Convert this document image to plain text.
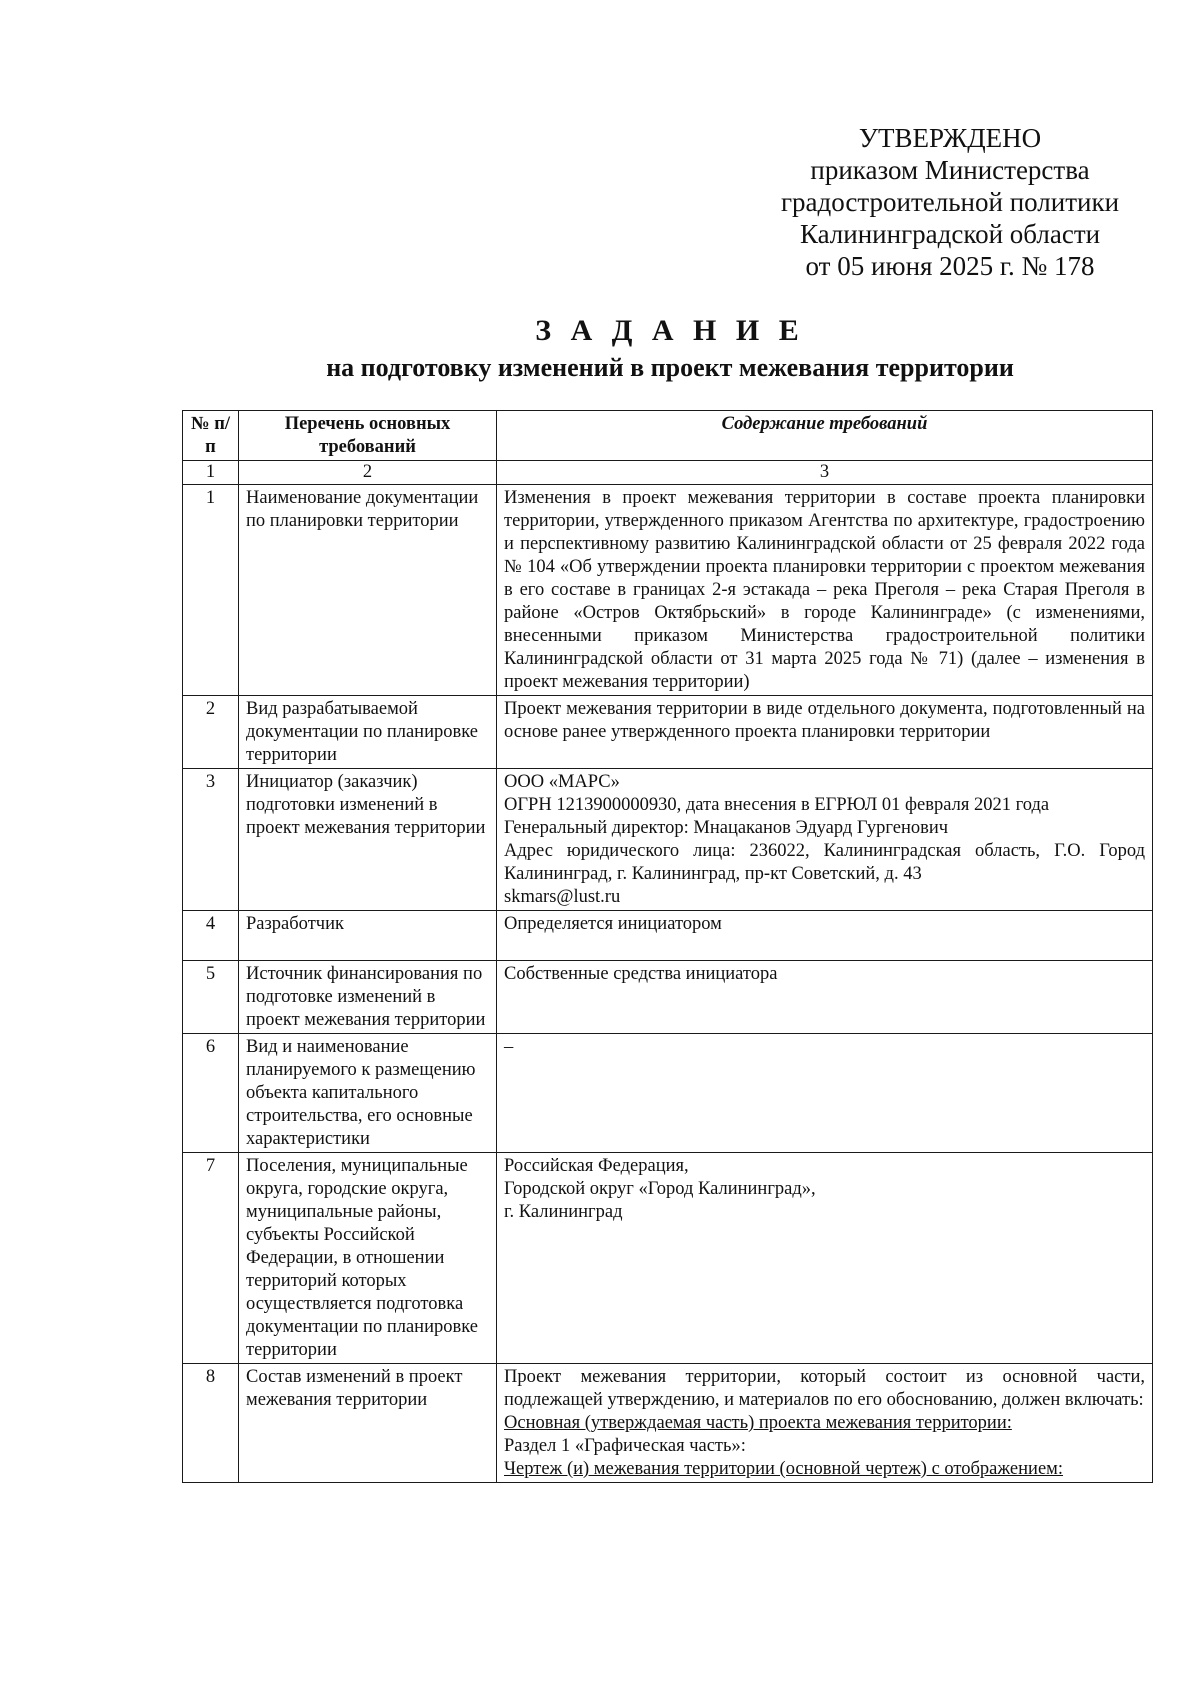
УТВЕРЖДЕНО
приказом Министерства
градостроительной политики
Калининградской области
от 05 июня 2025 г. № 178
З А Д А Н И Е
на подготовку изменений в проект межевания территории
№ п/п	Перечень основных требований	Содержание требований
1	2	3
1	Наименование документации по планировки территории	Изменения в проект межевания территории в составе проекта планировки территории, утвержденного приказом Агентства по архитектуре, градостроению и перспективному развитию Калининградской области от 25 февраля 2022 года № 104 «Об утверждении проекта планировки территории с проектом межевания в его составе в границах 2-я эстакада – река Преголя – река Старая Преголя в районе «Остров Октябрьский» в городе Калининграде» (с изменениями, внесенными приказом Министерства градостроительной политики Калининградской области от 31 марта 2025 года № 71) (далее – изменения в проект межевания территории)
2	Вид разрабатываемой документации по планировке территории	Проект межевания территории в виде отдельного документа, подготовленный на основе ранее утвержденного проекта планировки территории
3	Инициатор (заказчик) подготовки изменений в проект межевания территории	ООО «МАРС»
ОГРН 1213900000930, дата внесения в ЕГРЮЛ 01 февраля 2021 года
Генеральный директор: Мнацаканов Эдуард Гургенович
Адрес юридического лица: 236022, Калининградская область, Г.О. Город Калининград, г. Калининград, пр-кт Советский, д. 43
skmars@lust.ru

4	Разработчик	Определяется инициатором
5	Источник финансирования по подготовке изменений в проект межевания территории	Собственные средства инициатора
6	Вид и наименование планируемого к размещению объекта капитального строительства, его основные характеристики	–
7	Поселения, муниципальные округа, городские округа, муниципальные районы, субъекты Российской Федерации, в отношении территорий которых осуществляется подготовка документации по планировке территории	Российская Федерация,
Городской округ «Город Калининград»,
г. Калининград

8	Состав изменений в проект межевания территории	Проект межевания территории, который состоит из основной части, подлежащей утверждению, и материалов по его обоснованию, должен включать:
Основная (утверждаемая часть) проекта межевания территории:
Раздел 1 «Графическая часть»:
Чертеж (и) межевания территории (основной чертеж) с отображением:
